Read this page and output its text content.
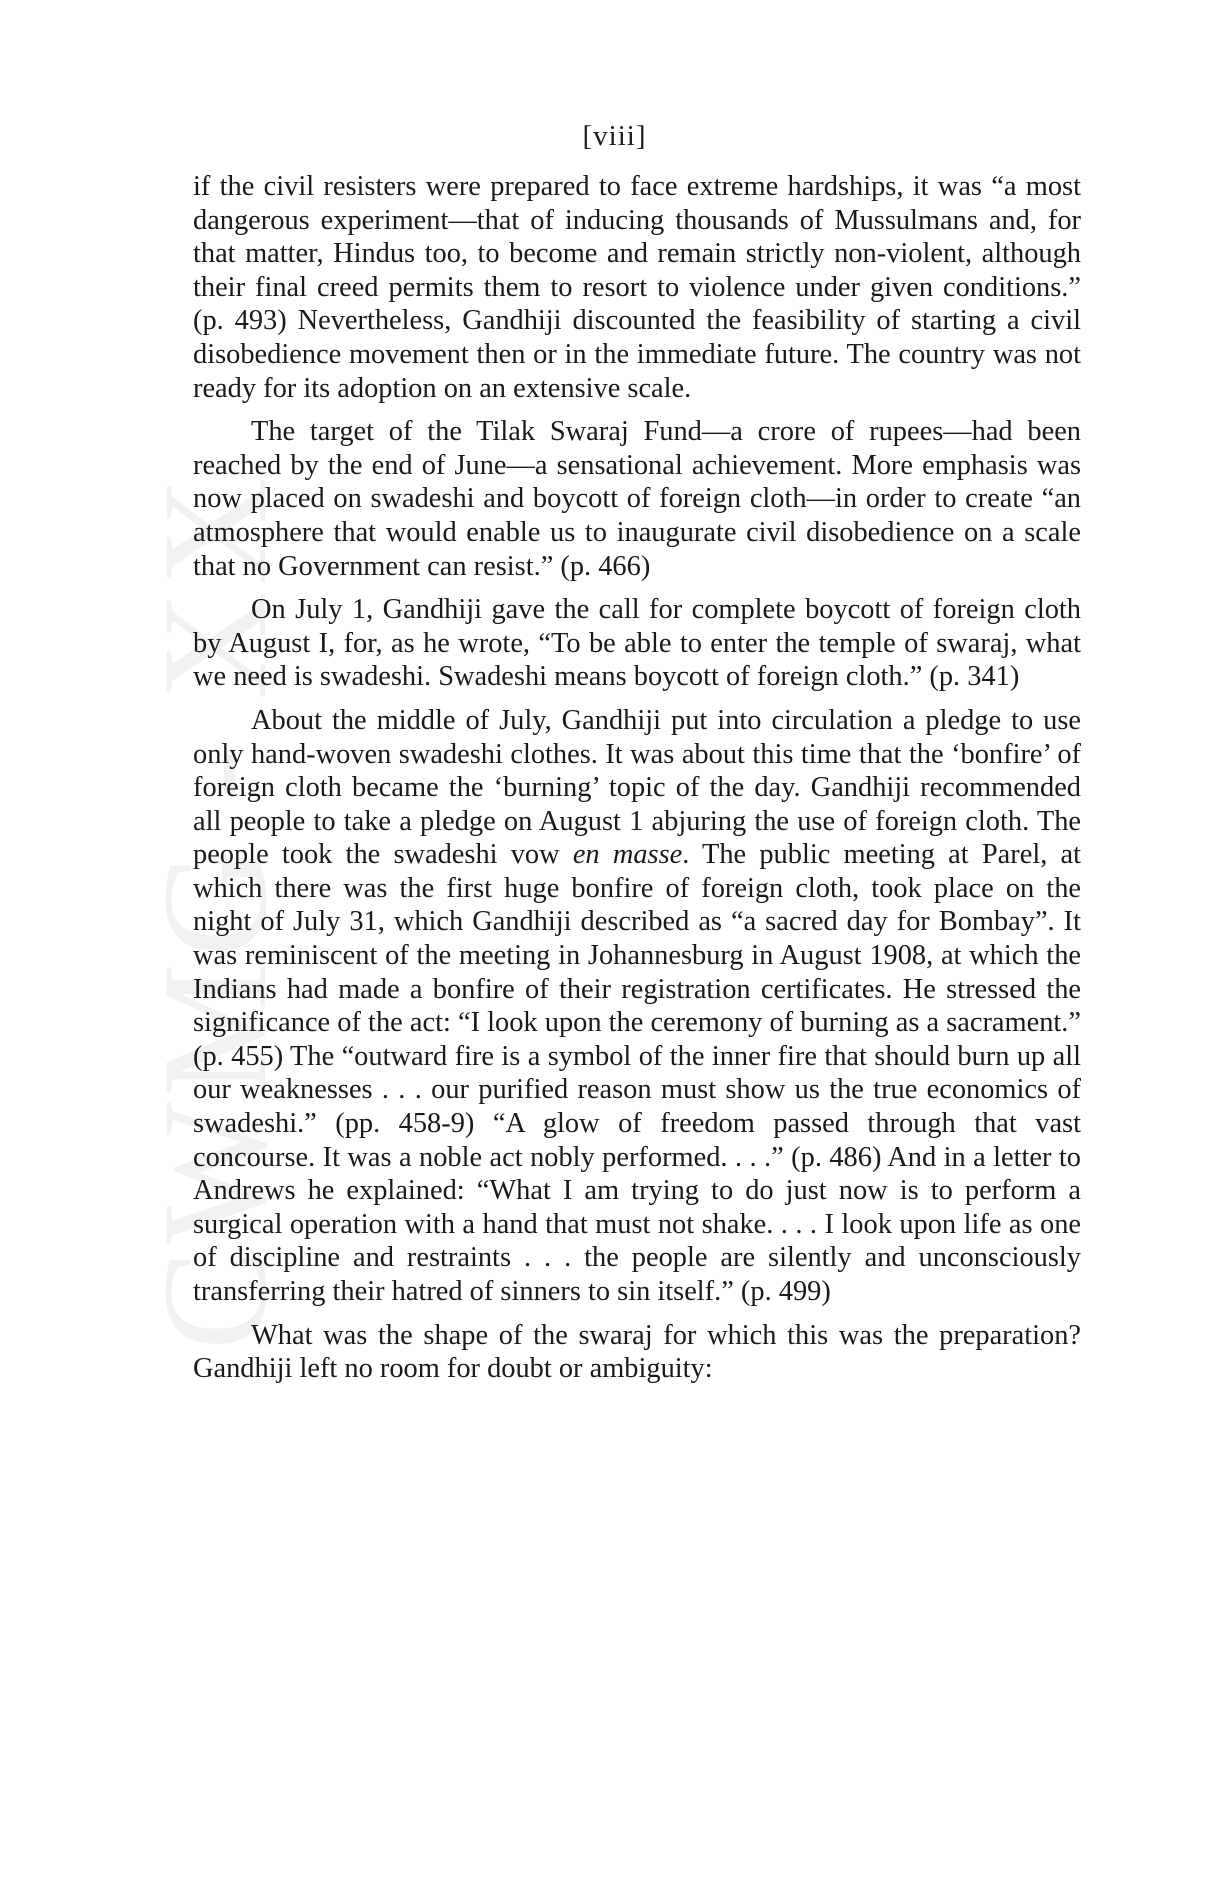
CWMG - XX
[viii]

if the civil resisters were prepared to face extreme hardships, it was “a most dangerous experiment—that of inducing thousands of Mussulmans and, for that matter, Hindus too, to become and remain strictly non-violent, although their final creed permits them to resort to violence under given conditions.” (p. 493) Nevertheless, Gandhiji discounted the feasibility of starting a civil disobedience movement then or in the immediate future. The country was not ready for its adoption on an extensive scale.

The target of the Tilak Swaraj Fund—a crore of rupees—had been reached by the end of June—a sensational achievement. More emphasis was now placed on swadeshi and boycott of foreign cloth—in order to create “an atmosphere that would enable us to inaugurate civil disobedience on a scale that no Government can resist.” (p. 466)

On July 1, Gandhiji gave the call for complete boycott of foreign cloth by August I, for, as he wrote, “To be able to enter the temple of swaraj, what we need is swadeshi. Swadeshi means boycott of foreign cloth.” (p. 341)

About the middle of July, Gandhiji put into circulation a pledge to use only hand-woven swadeshi clothes. It was about this time that the ‘bonfire’ of foreign cloth became the ‘burning’ topic of the day. Gandhiji recommended all people to take a pledge on August 1 abjuring the use of foreign cloth. The people took the swadeshi vow en masse. The public meeting at Parel, at which there was the first huge bonfire of foreign cloth, took place on the night of July 31, which Gandhiji described as “a sacred day for Bombay”. It was reminiscent of the meeting in Johannesburg in August 1908, at which the Indians had made a bonfire of their registration certificates. He stressed the significance of the act: “I look upon the ceremony of burning as a sacrament.” (p. 455) The “outward fire is a symbol of the inner fire that should burn up all our weaknesses . . . our purified reason must show us the true economics of swadeshi.” (pp. 458-9) “A glow of freedom passed through that vast concourse. It was a noble act nobly performed. . . .” (p. 486) And in a letter to Andrews he explained: “What I am trying to do just now is to perform a surgical operation with a hand that must not shake. . . . I look upon life as one of discipline and restraints . . . the people are silently and unconsciously transferring their hatred of sinners to sin itself.” (p. 499)

What was the shape of the swaraj for which this was the preparation? Gandhiji left no room for doubt or ambiguity:
